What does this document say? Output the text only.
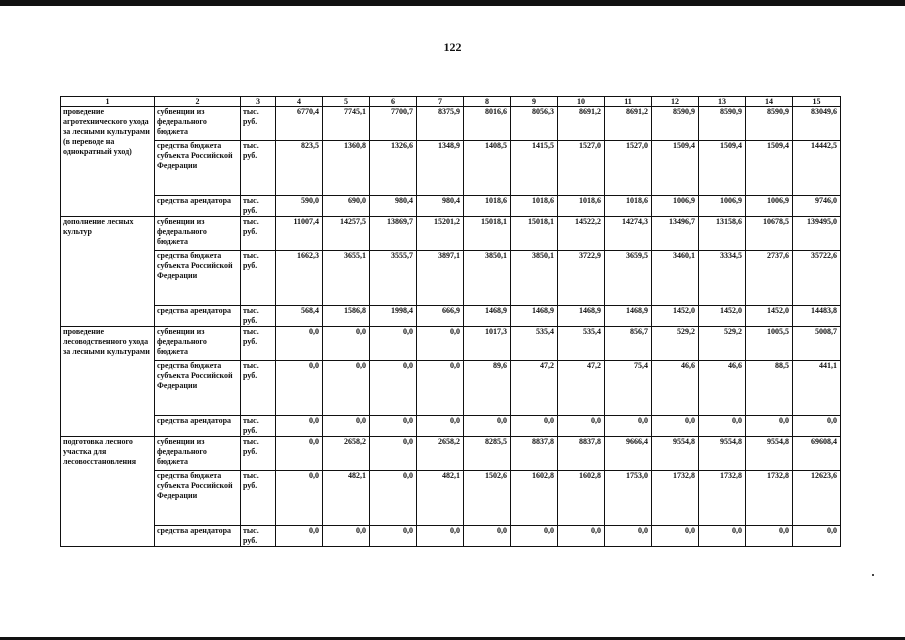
122
1	2	3	4	5	6	7	8	9	10	11	12	13	14	15
проведение агротехнического ухода за лесными культурами (в переводе на однократный уход)	субвенции из федерального бюджета	тыс. руб.	6770,4	7745,1	7700,7	8375,9	8016,6	8056,3	8691,2	8691,2	8590,9	8590,9	8590,9	83049,6
	средства бюджета субъекта Российской Федерации	тыс. руб.	823,5	1360,8	1326,6	1348,9	1408,5	1415,5	1527,0	1527,0	1509,4	1509,4	1509,4	14442,5
	средства арендатора	тыс. руб.	590,0	690,0	980,4	980,4	1018,6	1018,6	1018,6	1018,6	1006,9	1006,9	1006,9	9746,0
дополнение лесных культур	субвенции из федерального бюджета	тыс. руб.	11007,4	14257,5	13869,7	15201,2	15018,1	15018,1	14522,2	14274,3	13496,7	13158,6	10678,5	139495,0
	средства бюджета субъекта Российской Федерации	тыс. руб.	1662,3	3655,1	3555,7	3897,1	3850,1	3850,1	3722,9	3659,5	3460,1	3334,5	2737,6	35722,6
	средства арендатора	тыс. руб.	568,4	1586,8	1998,4	666,9	1468,9	1468,9	1468,9	1468,9	1452,0	1452,0	1452,0	14483,8
проведение лесоводственного ухода за лесными культурами	субвенции из федерального бюджета	тыс. руб.	0,0	0,0	0,0	0,0	1017,3	535,4	535,4	856,7	529,2	529,2	1005,5	5008,7
	средства бюджета субъекта Российской Федерации	тыс. руб.	0,0	0,0	0,0	0,0	89,6	47,2	47,2	75,4	46,6	46,6	88,5	441,1
	средства арендатора	тыс. руб.	0,0	0,0	0,0	0,0	0,0	0,0	0,0	0,0	0,0	0,0	0,0	0,0
подготовка лесного участка для лесовосстановления	субвенции из федерального бюджета	тыс. руб.	0,0	2658,2	0,0	2658,2	8285,5	8837,8	8837,8	9666,4	9554,8	9554,8	9554,8	69608,4
	средства бюджета субъекта Российской Федерации	тыс. руб.	0,0	482,1	0,0	482,1	1502,6	1602,8	1602,8	1753,0	1732,8	1732,8	1732,8	12623,6
	средства арендатора	тыс. руб.	0,0	0,0	0,0	0,0	0,0	0,0	0,0	0,0	0,0	0,0	0,0	0,0
